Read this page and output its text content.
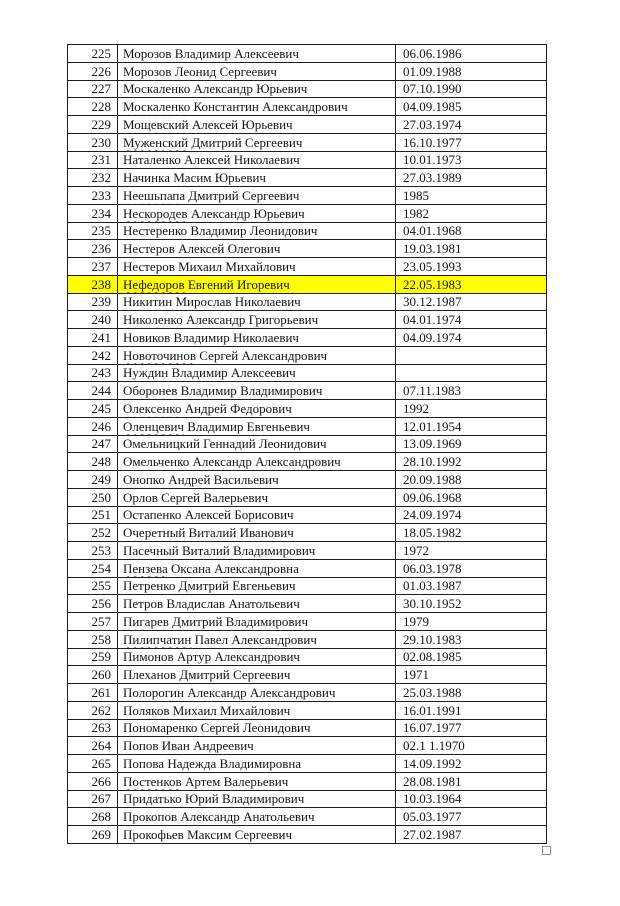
225	Морозов Владимир Алексеевич	06.06.1986
226	Морозов Леонид Сергеевич	01.09.1988
227	Москаленко Александр Юрьевич	07.10.1990
228	Москаленко Константин Александрович	04.09.1985
229	Мощевский Алексей Юрьевич	27.03.1974
230	Муженский Дмитрий Сергеевич	16.10.1977
231	Наталенко Алексей Николаевич	10.01.1973
232	Начинка Масим Юрьевич	27.03.1989
233	Неешьпапа Дмитрий Сергеевич	1985
234	Нескородев Александр Юрьевич	1982
235	Нестеренко Владимир Леонидович	04.01.1968
236	Нестеров Алексей Олегович	19.03.1981
237	Нестеров Михаил Михайлович	23.05.1993
238	Нефедоров Евгений Игоревич	22.05.1983
239	Никитин Мирослав Николаевич	30.12.1987
240	Николенко Александр Григорьевич	04.01.1974
241	Новиков Владимир Николаевич	04.09.1974
242	Новоточинов Сергей Александрович	
243	Нуждин Владимир Алексеевич	
244	Оборонев Владимир Владимирович	07.11.1983
245	Олексенко Андрей Федорович	1992
246	Оленцевич Владимир Евгеньевич	12.01.1954
247	Омельницкий Геннадий Леонидович	13.09.1969
248	Омельченко Александр Александрович	28.10.1992
249	Онопко Андрей Васильевич	20.09.1988
250	Орлов Сергей Валерьевич	09.06.1968
251	Остапенко Алексей Борисович	24.09.1974
252	Очеретный Виталий Иванович	18.05.1982
253	Пасечный Виталий Владимирович	1972
254	Пензева Оксана Александровна	06.03.1978
255	Петренко Дмитрий Евгеньевич	01.03.1987
256	Петров Владислав Анатольевич	30.10.1952
257	Пигарев Дмитрий Владимирович	1979
258	Пилипчатин Павел Александрович	29.10.1983
259	Пимонов Артур Александрович	02.08.1985
260	Плеханов Дмитрий Сергеевич	1971
261	Полорогин Александр Александрович	25.03.1988
262	Поляков Михаил Михайлович	16.01.1991
263	Пономаренко Сергей Леонидович	16.07.1977
264	Попов Иван Андреевич	02.1 1.1970
265	Попова Надежда Владимировна	14.09.1992
266	Постенков Артем Валерьевич	28.08.1981
267	Придатько Юрий Владимирович	10.03.1964
268	Прокопов Александр Анатольевич	05.03.1977
269	Прокофьев Максим Сергеевич	27.02.1987
